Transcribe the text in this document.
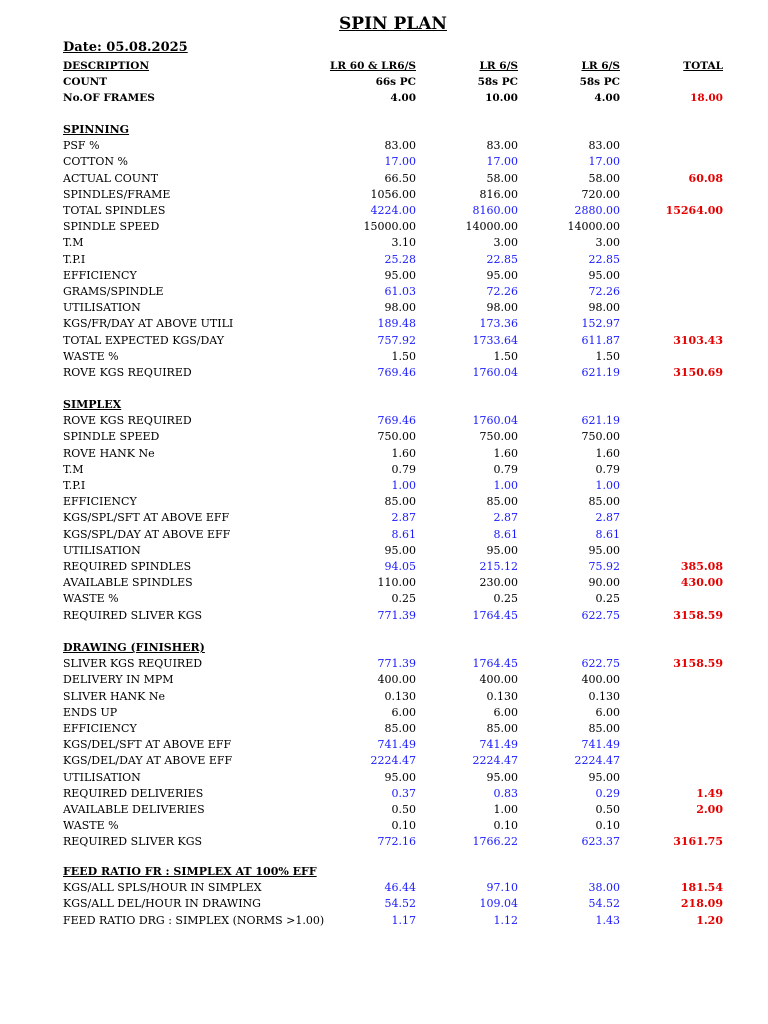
SPIN PLAN
Date: 05.08.2025
DESCRIPTION	LR 60 & LR6/S	LR 6/S	LR 6/S	TOTAL
COUNT	66s PC	58s PC	58s PC
No.OF FRAMES	4.00	10.00	4.00	18.00
SPINNING
PSF %	83.00	83.00	83.00
COTTON %	17.00	17.00	17.00
ACTUAL COUNT	66.50	58.00	58.00	60.08
SPINDLES/FRAME	1056.00	816.00	720.00
TOTAL SPINDLES	4224.00	8160.00	2880.00	15264.00
SPINDLE SPEED	15000.00	14000.00	14000.00
T.M	3.10	3.00	3.00
T.P.I	25.28	22.85	22.85
EFFICIENCY	95.00	95.00	95.00
GRAMS/SPINDLE	61.03	72.26	72.26
UTILISATION	98.00	98.00	98.00
KGS/FR/DAY AT ABOVE UTILI	189.48	173.36	152.97
TOTAL EXPECTED KGS/DAY	757.92	1733.64	611.87	3103.43
WASTE %	1.50	1.50	1.50
ROVE KGS REQUIRED	769.46	1760.04	621.19	3150.69
SIMPLEX
ROVE KGS REQUIRED	769.46	1760.04	621.19
SPINDLE SPEED	750.00	750.00	750.00
ROVE HANK Ne	1.60	1.60	1.60
T.M	0.79	0.79	0.79
T.P.I	1.00	1.00	1.00
EFFICIENCY	85.00	85.00	85.00
KGS/SPL/SFT AT ABOVE EFF	2.87	2.87	2.87
KGS/SPL/DAY AT ABOVE EFF	8.61	8.61	8.61
UTILISATION	95.00	95.00	95.00
REQUIRED SPINDLES	94.05	215.12	75.92	385.08
AVAILABLE SPINDLES	110.00	230.00	90.00	430.00
WASTE %	0.25	0.25	0.25
REQUIRED SLIVER KGS	771.39	1764.45	622.75	3158.59
DRAWING (FINISHER)
SLIVER KGS REQUIRED	771.39	1764.45	622.75	3158.59
DELIVERY IN MPM	400.00	400.00	400.00
SLIVER HANK Ne	0.130	0.130	0.130
ENDS UP	6.00	6.00	6.00
EFFICIENCY	85.00	85.00	85.00
KGS/DEL/SFT AT ABOVE EFF	741.49	741.49	741.49
KGS/DEL/DAY AT ABOVE EFF	2224.47	2224.47	2224.47
UTILISATION	95.00	95.00	95.00
REQUIRED DELIVERIES	0.37	0.83	0.29	1.49
AVAILABLE DELIVERIES	0.50	1.00	0.50	2.00
WASTE %	0.10	0.10	0.10
REQUIRED SLIVER KGS	772.16	1766.22	623.37	3161.75
FEED RATIO FR : SIMPLEX AT 100% EFF
KGS/ALL SPLS/HOUR IN SIMPLEX	46.44	97.10	38.00	181.54
KGS/ALL DEL/HOUR IN DRAWING	54.52	109.04	54.52	218.09
FEED RATIO DRG : SIMPLEX (NORMS >1.00)	1.17	1.12	1.43	1.20
